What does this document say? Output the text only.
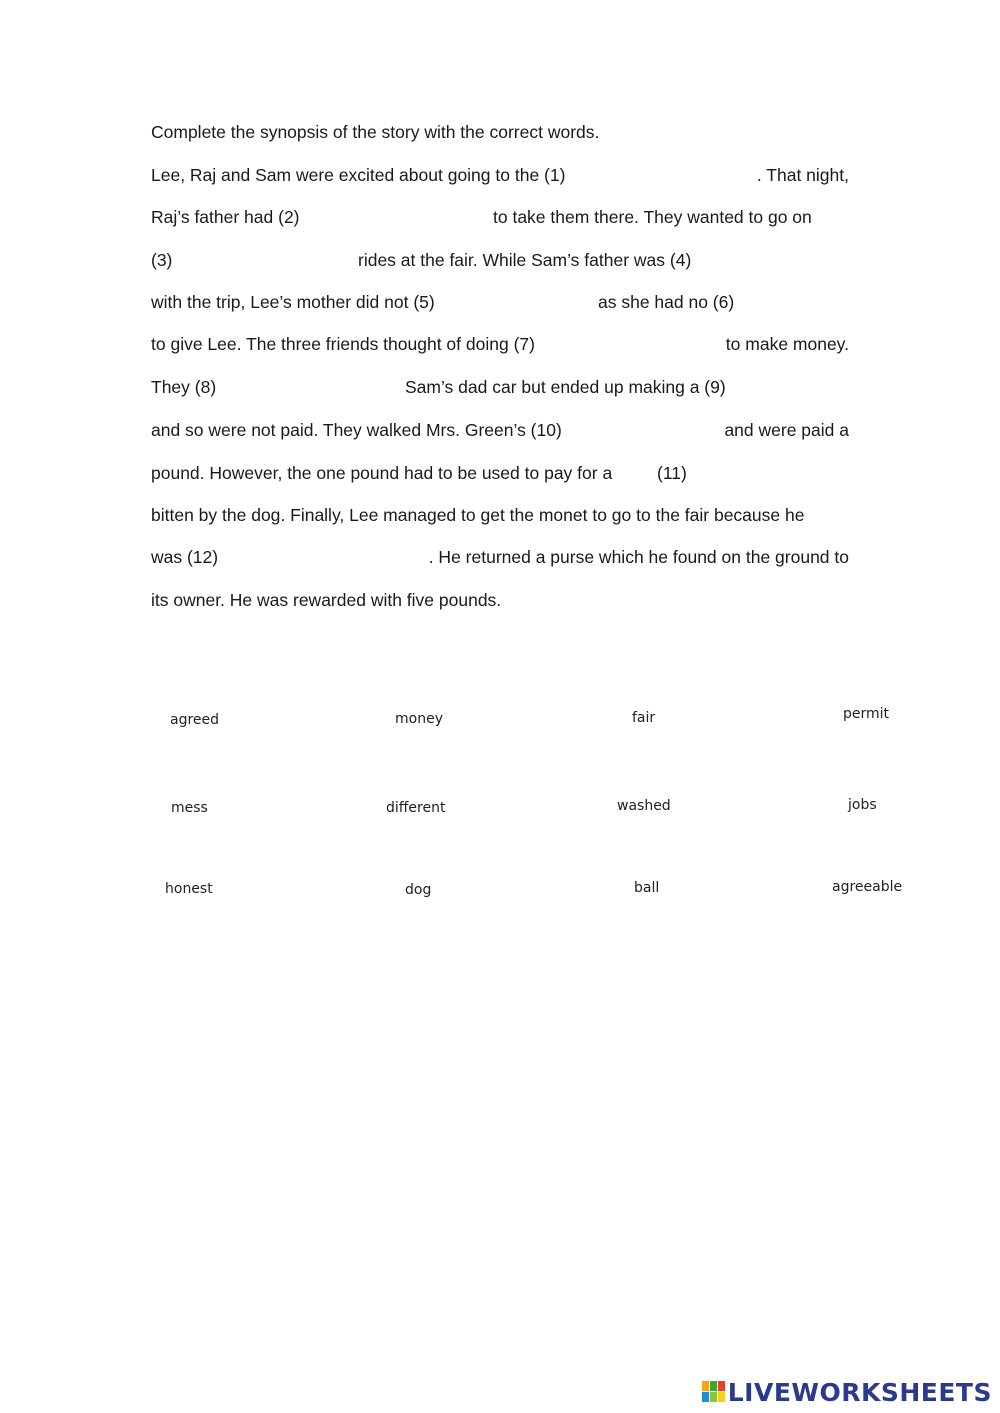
Complete the synopsis of the story with the correct words.
Lee, Raj and Sam were excited about going to the (1)	. That night,
Raj’s father had (2)	to take them there. They wanted to go on
(3)	rides at the fair. While Sam’s father was (4)
with the trip, Lee’s mother did not (5)	as she had no (6)
to give Lee. The three friends thought of doing (7)	to make money.
They (8)	Sam’s dad car but ended up making a (9)
and so were not paid. They walked Mrs. Green’s (10)	and were paid a
pound. However, the one pound had to be used to pay for a	(11)
bitten by the dog. Finally, Lee managed to get the monet to go to the fair because he
was (12)	. He returned a purse which he found on the ground to
its owner. He was rewarded with five pounds.
agreed	money	fair	permit
mess	different	washed	jobs
honest	dog	ball	agreeable
LIVEWORKSHEETS
